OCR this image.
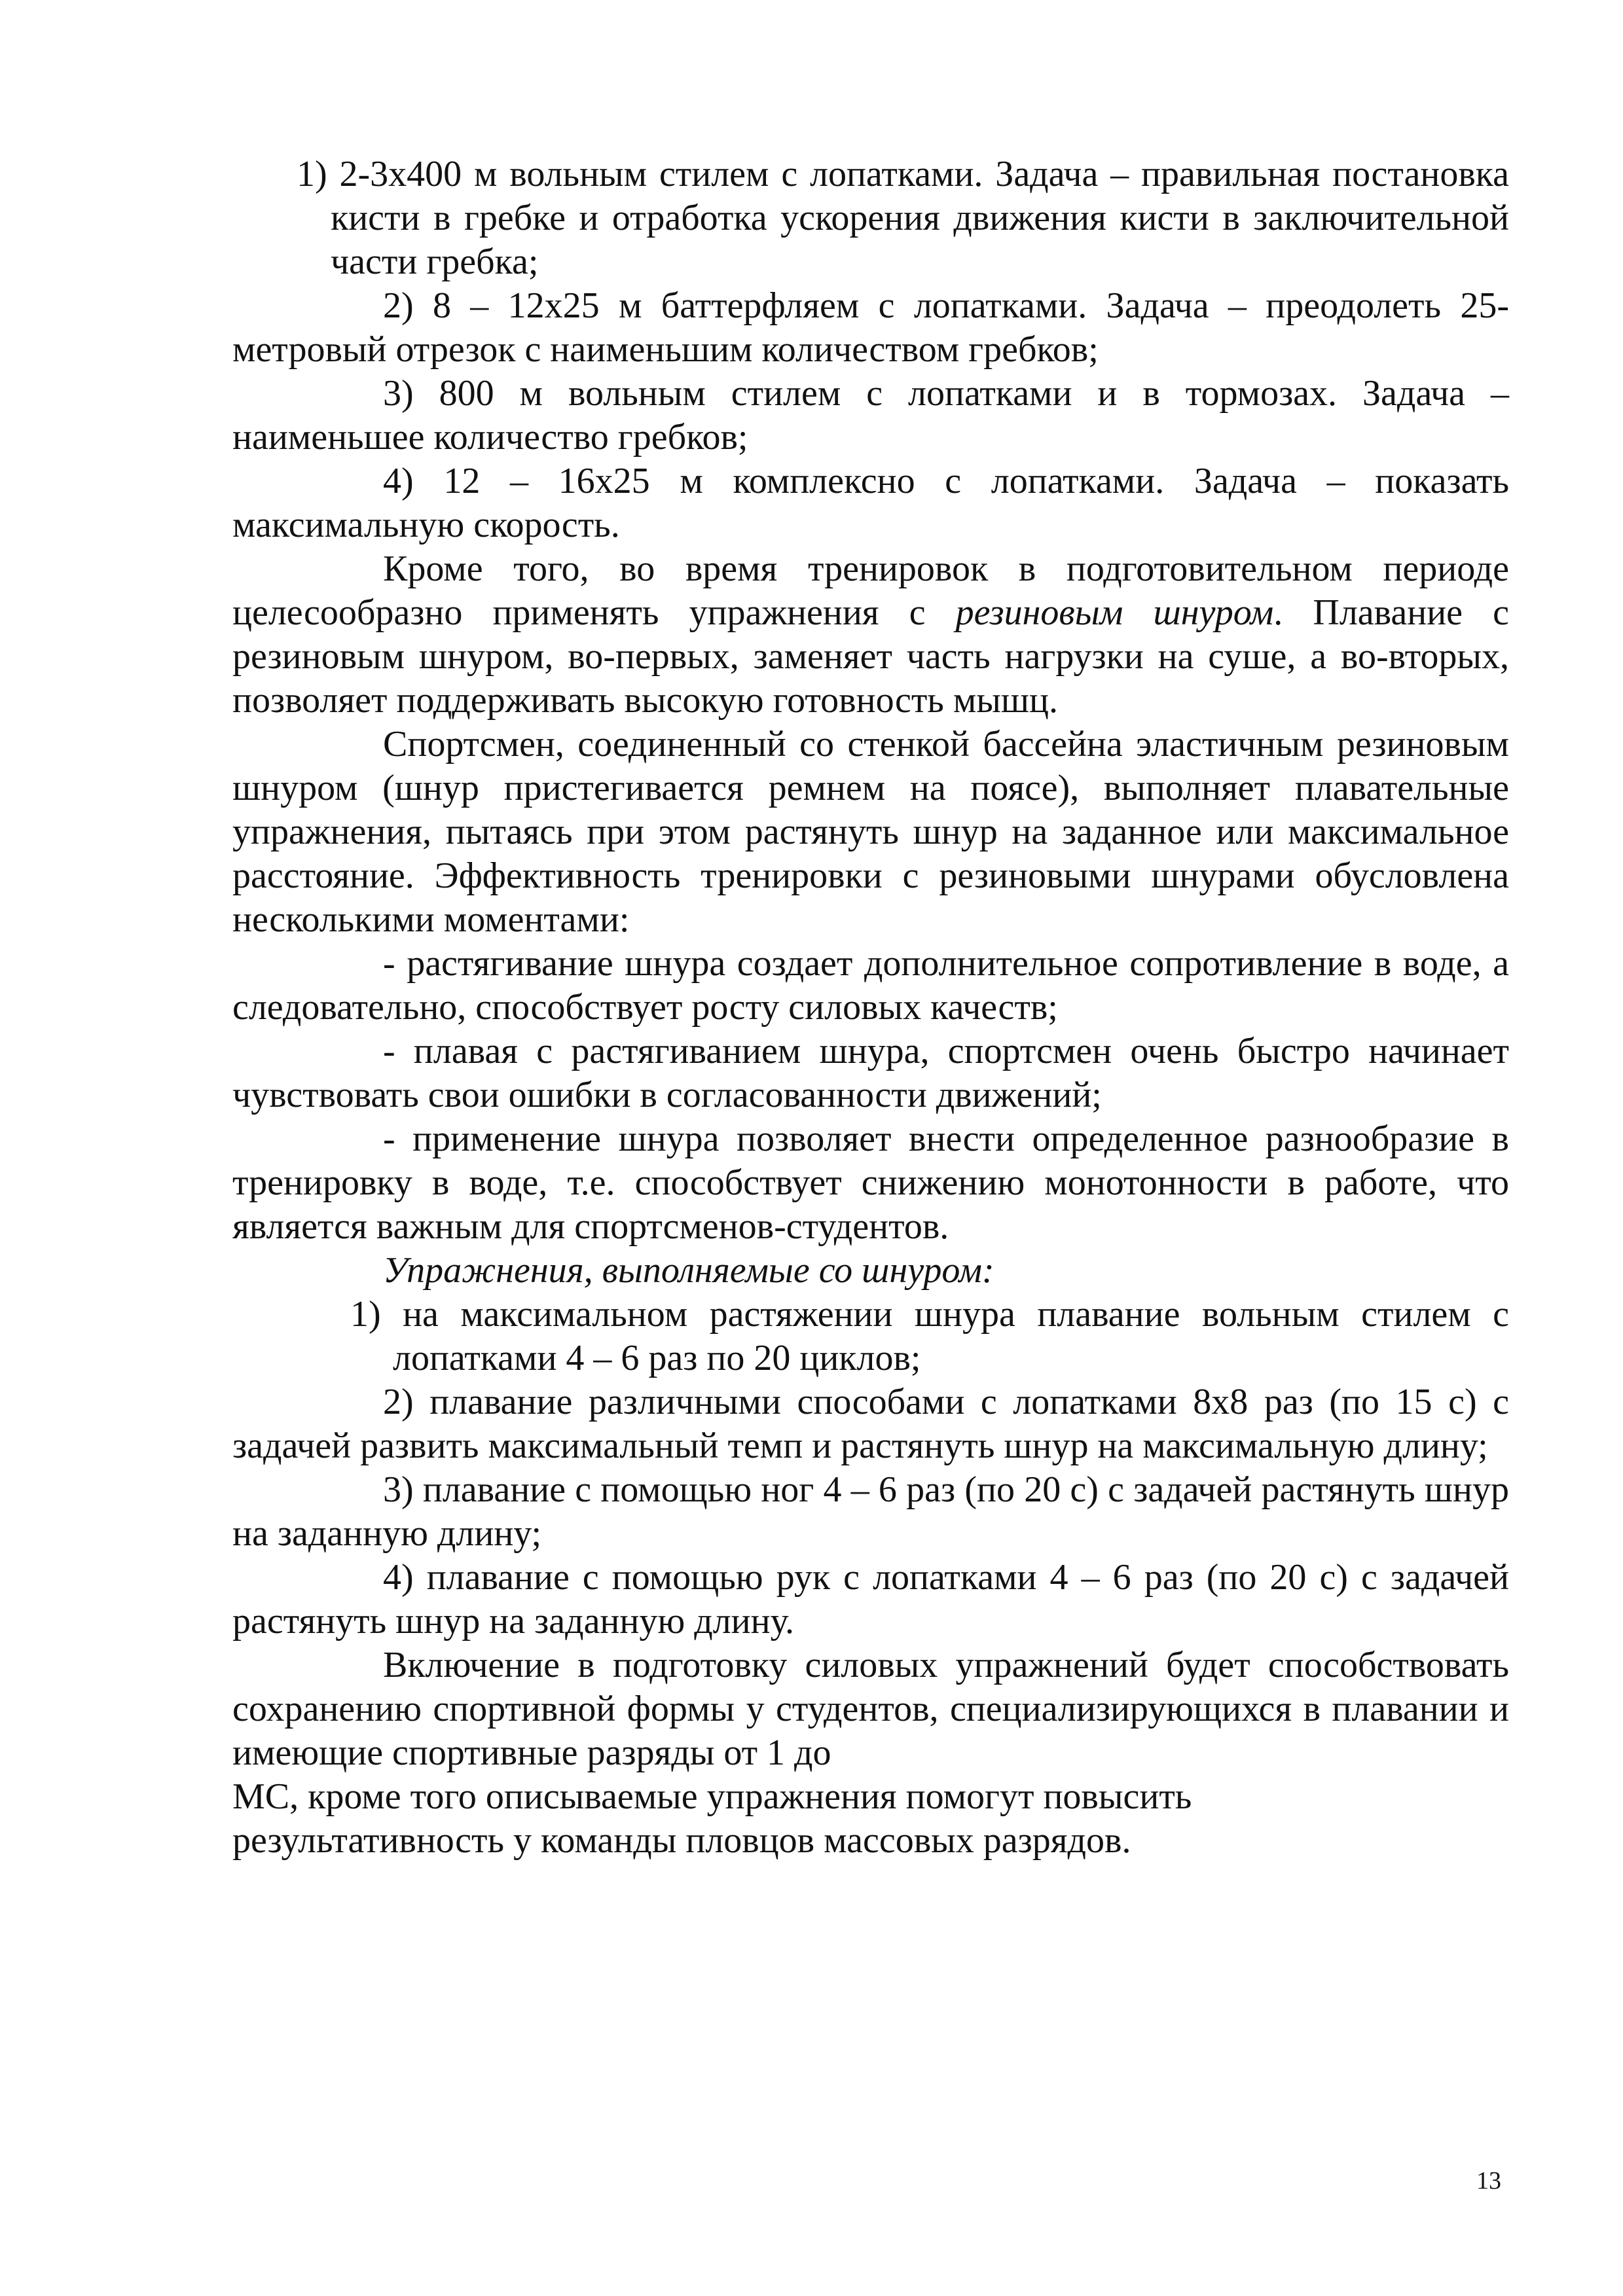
1) 2-3x400 м вольным стилем с лопатками. Задача – правильная постановка кисти в гребке и отработка ускорения движения кисти в заключительной части гребка;

2) 8 – 12x25 м баттерфляем с лопатками. Задача – преодолеть 25-метровый отрезок с наименьшим количеством гребков;

3) 800 м вольным стилем с лопатками и в тормозах. Задача – наименьшее количество гребков;

4) 12 – 16x25 м комплексно с лопатками. Задача – показать максимальную скорость.

Кроме того, во время тренировок в подготовительном периоде целесообразно применять упражнения с резиновым шнуром. Плавание с резиновым шнуром, во-первых, заменяет часть нагрузки на суше, а во-вторых, позволяет поддерживать высокую готовность мышц.

Спортсмен, соединенный со стенкой бассейна эластичным резиновым шнуром (шнур пристегивается ремнем на поясе), выполняет плавательные упражнения, пытаясь при этом растянуть шнур на заданное или максимальное расстояние. Эффективность тренировки с резиновыми шнурами обусловлена несколькими моментами:

- растягивание шнура создает дополнительное сопротивление в воде, а следовательно, способствует росту силовых качеств;

- плавая с растягиванием шнура, спортсмен очень быстро начинает чувствовать свои ошибки в согласованности движений;

- применение шнура позволяет внести определенное разнообразие в тренировку в воде, т.е. способствует снижению монотонности в работе, что является важным для спортсменов-студентов.

Упражнения, выполняемые со шнуром:

1) на максимальном растяжении шнура плавание вольным стилем с лопатками 4 – 6 раз по 20 циклов;

2) плавание различными способами с лопатками 8x8 раз (по 15 с) с задачей развить максимальный темп и растянуть шнур на максимальную длину;

3) плавание с помощью ног 4 – 6 раз (по 20 с) с задачей растянуть шнур на заданную длину;

4) плавание с помощью рук с лопатками 4 – 6 раз (по 20 с) с задачей растянуть шнур на заданную длину.

Включение в подготовку силовых упражнений будет способствовать сохранению спортивной формы у студентов, специализирующихся в плавании и имеющие спортивные разряды от 1 до

МС, кроме того описываемые упражнения помогут повысить

результативность у команды пловцов массовых разрядов.

13
